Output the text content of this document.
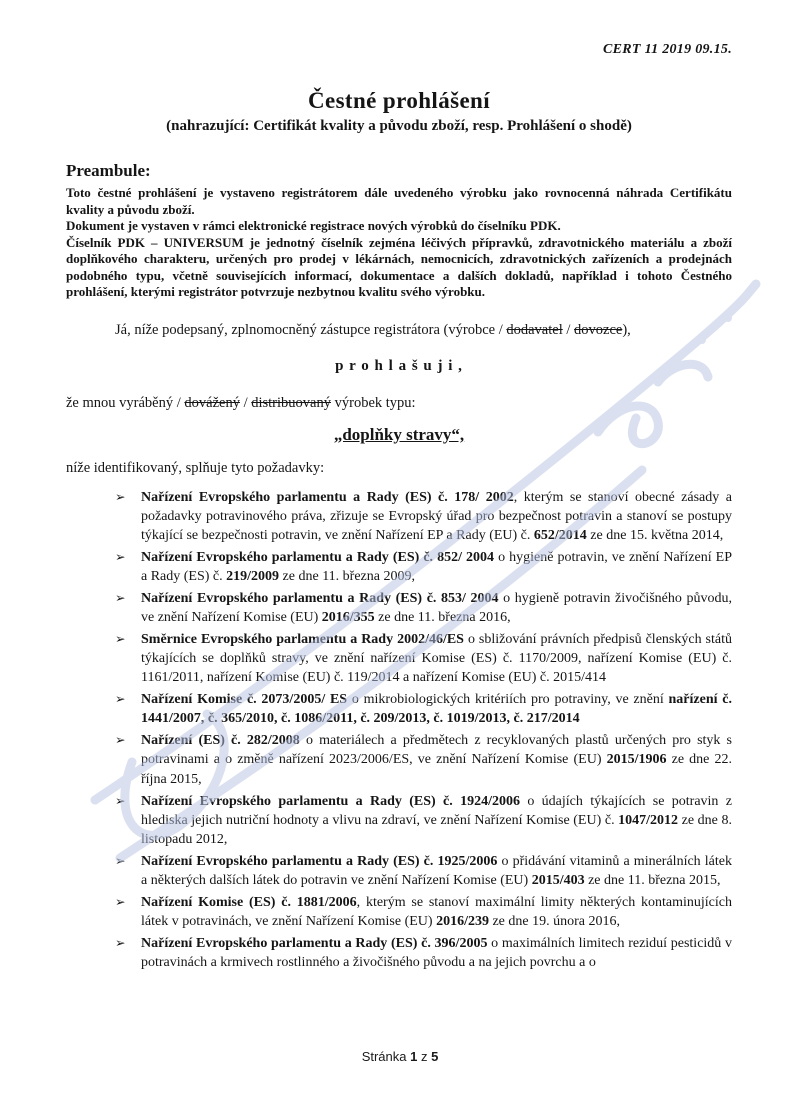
CERT 11 2019 09.15.
Čestné prohlášení
(nahrazující: Certifikát kvality a původu zboží, resp. Prohlášení o shodě)
Preambule:
Toto čestné prohlášení je vystaveno registrátorem dále uvedeného výrobku jako rovnocenná náhrada Certifikátu kvality a původu zboží.
Dokument je vystaven v rámci elektronické registrace nových výrobků do číselníku PDK.
Číselník PDK – UNIVERSUM je jednotný číselník zejména léčivých přípravků, zdravotnického materiálu a zboží doplňkového charakteru, určených pro prodej v lékárnách, nemocnicích, zdravotnických zařízeních a prodejnách podobného typu, včetně souvisejících informací, dokumentace a dalších dokladů, například i tohoto Čestného prohlášení, kterými registrátor potvrzuje nezbytnou kvalitu svého výrobku.

Já, níže podepsaný, zplnomocněný zástupce registrátora (výrobce / dodavatel / dovozce),

p r o h l a š u j i ,

že mnou vyráběný / dovážený / distribuovaný výrobek typu:

„doplňky stravy“,

níže identifikovaný, splňuje tyto požadavky:

➢ Nařízení Evropského parlamentu a Rady (ES) č. 178/ 2002, kterým se stanoví obecné zásady a požadavky potravinového práva, zřizuje se Evropský úřad pro bezpečnost potravin a stanoví se postupy týkající se bezpečnosti potravin, ve znění Nařízení EP a Rady (EU) č. 652/2014 ze dne 15. května 2014,
➢ Nařízení Evropského parlamentu a Rady (ES) č. 852/ 2004 o hygieně potravin, ve znění Nařízení EP a Rady (ES) č. 219/2009 ze dne 11. března 2009,
➢ Nařízení Evropského parlamentu a Rady (ES) č. 853/ 2004 o hygieně potravin živočišného původu, ve znění Nařízení Komise (EU) 2016/355 ze dne 11. března 2016,
➢ Směrnice Evropského parlamentu a Rady 2002/46/ES o sbližování právních předpisů členských států týkajících se doplňků stravy, ve znění nařízení Komise (ES) č. 1170/2009, nařízení Komise (EU) č. 1161/2011, nařízení Komise (EU) č. 119/2014 a nařízení Komise (EU) č. 2015/414
➢ Nařízení Komise č. 2073/2005/ ES o mikrobiologických kritériích pro potraviny, ve znění nařízení č. 1441/2007, č. 365/2010, č. 1086/2011, č. 209/2013, č. 1019/2013, č. 217/2014
➢ Nařízení (ES) č. 282/2008 o materiálech a předmětech z recyklovaných plastů určených pro styk s potravinami a o změně nařízení 2023/2006/ES, ve znění Nařízení Komise (EU) 2015/1906 ze dne 22. října 2015,
➢ Nařízení Evropského parlamentu a Rady (ES) č. 1924/2006 o údajích týkajících se potravin z hlediska jejich nutriční hodnoty a vlivu na zdraví, ve znění Nařízení Komise (EU) č. 1047/2012 ze dne 8. listopadu 2012,
➢ Nařízení Evropského parlamentu a Rady (ES) č. 1925/2006 o přidávání vitaminů a minerálních látek a některých dalších látek do potravin ve znění Nařízení Komise (EU) 2015/403 ze dne 11. března 2015,
➢ Nařízení Komise (ES) č. 1881/2006, kterým se stanoví maximální limity některých kontaminujících látek v potravinách, ve znění Nařízení Komise (EU) 2016/239 ze dne 19. února 2016,
➢ Nařízení Evropského parlamentu a Rady (ES) č. 396/2005 o maximálních limitech reziduí pesticidů v potravinách a krmivech rostlinného a živočišného původu a na jejich povrchu a o
Stránka 1 z 5
